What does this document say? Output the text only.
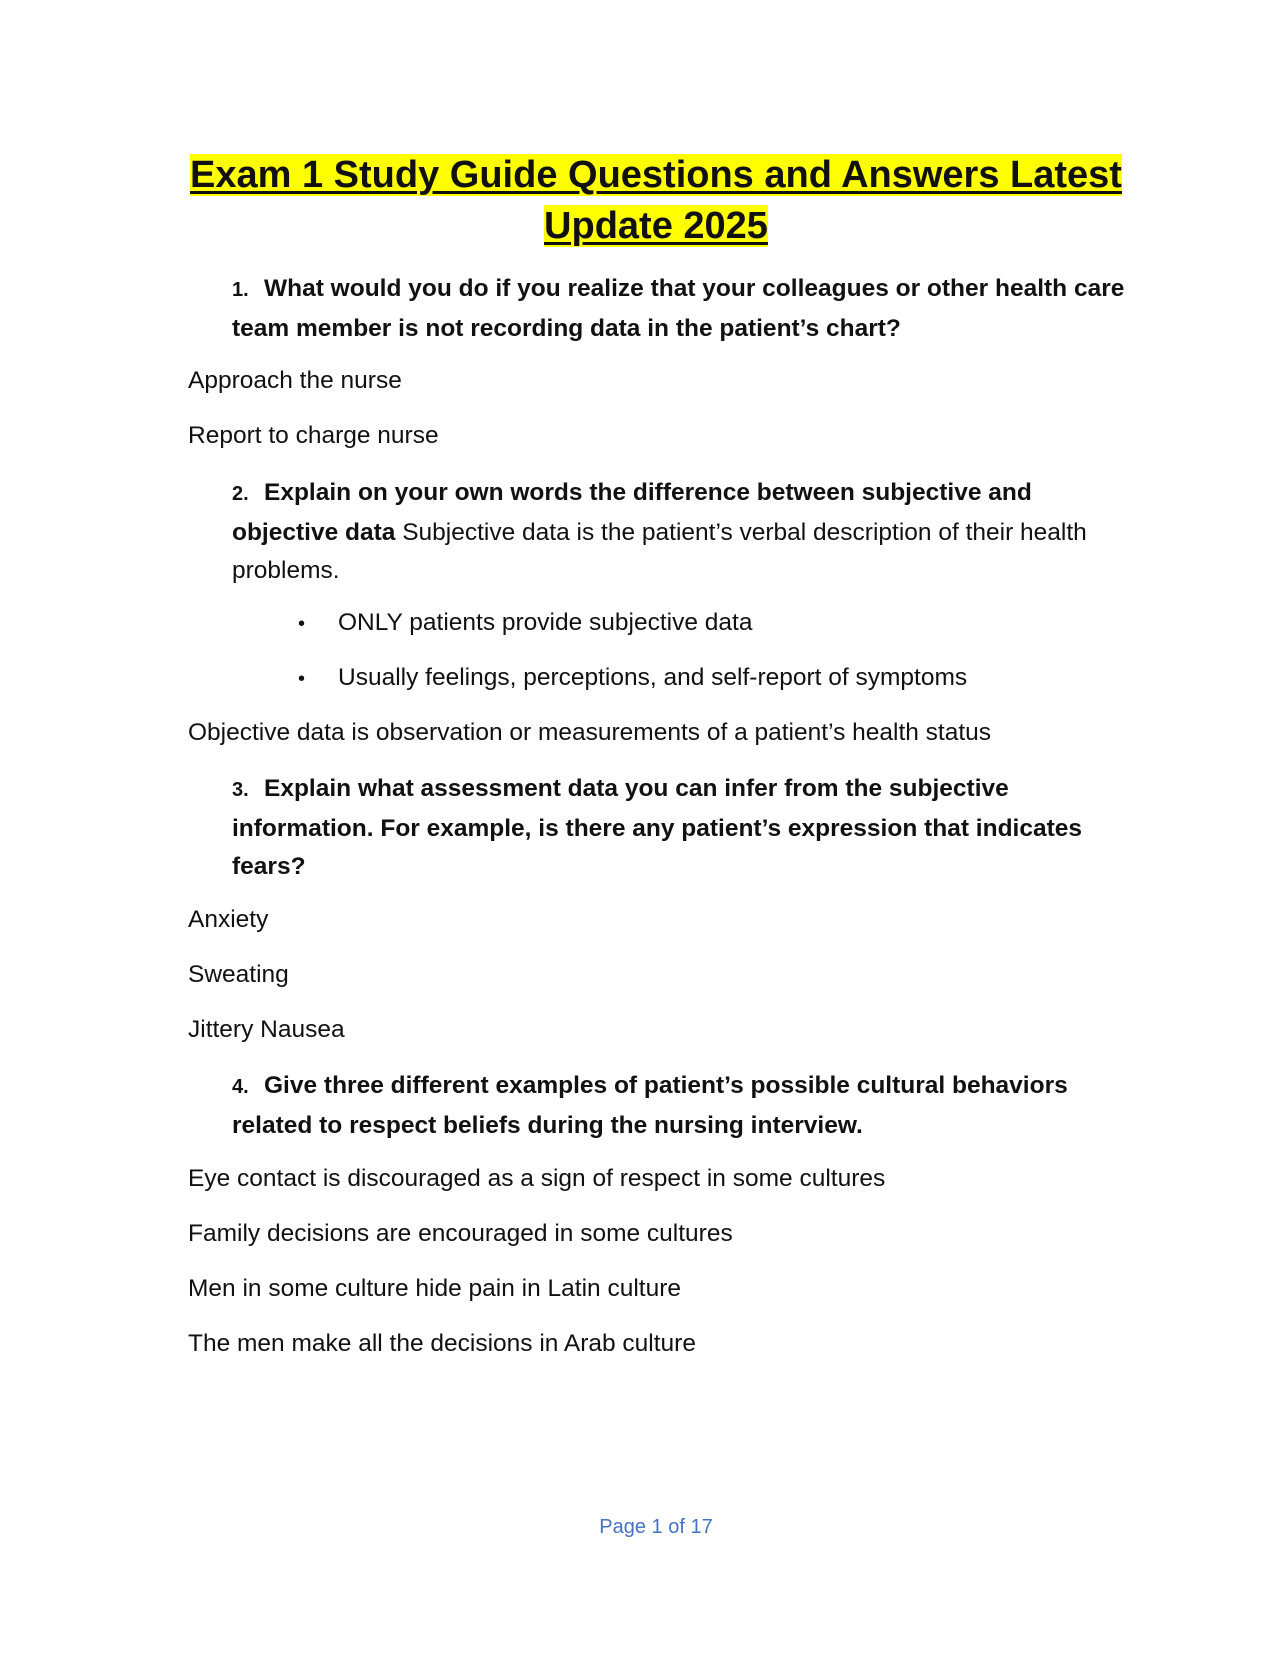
Exam 1 Study Guide Questions and Answers Latest
Update 2025
1. What would you do if you realize that your colleagues or other health care team member is not recording data in the patient’s chart?
Approach the nurse
Report to charge nurse
2. Explain on your own words the difference between subjective and objective data Subjective data is the patient’s verbal description of their health problems.
• ONLY patients provide subjective data
• Usually feelings, perceptions, and self-report of symptoms
Objective data is observation or measurements of a patient’s health status
3. Explain what assessment data you can infer from the subjective information. For example, is there any patient’s expression that indicates fears?
Anxiety
Sweating
Jittery Nausea
4. Give three different examples of patient’s possible cultural behaviors related to respect beliefs during the nursing interview.
Eye contact is discouraged as a sign of respect in some cultures
Family decisions are encouraged in some cultures
Men in some culture hide pain in Latin culture
The men make all the decisions in Arab culture
Page 1 of 17
